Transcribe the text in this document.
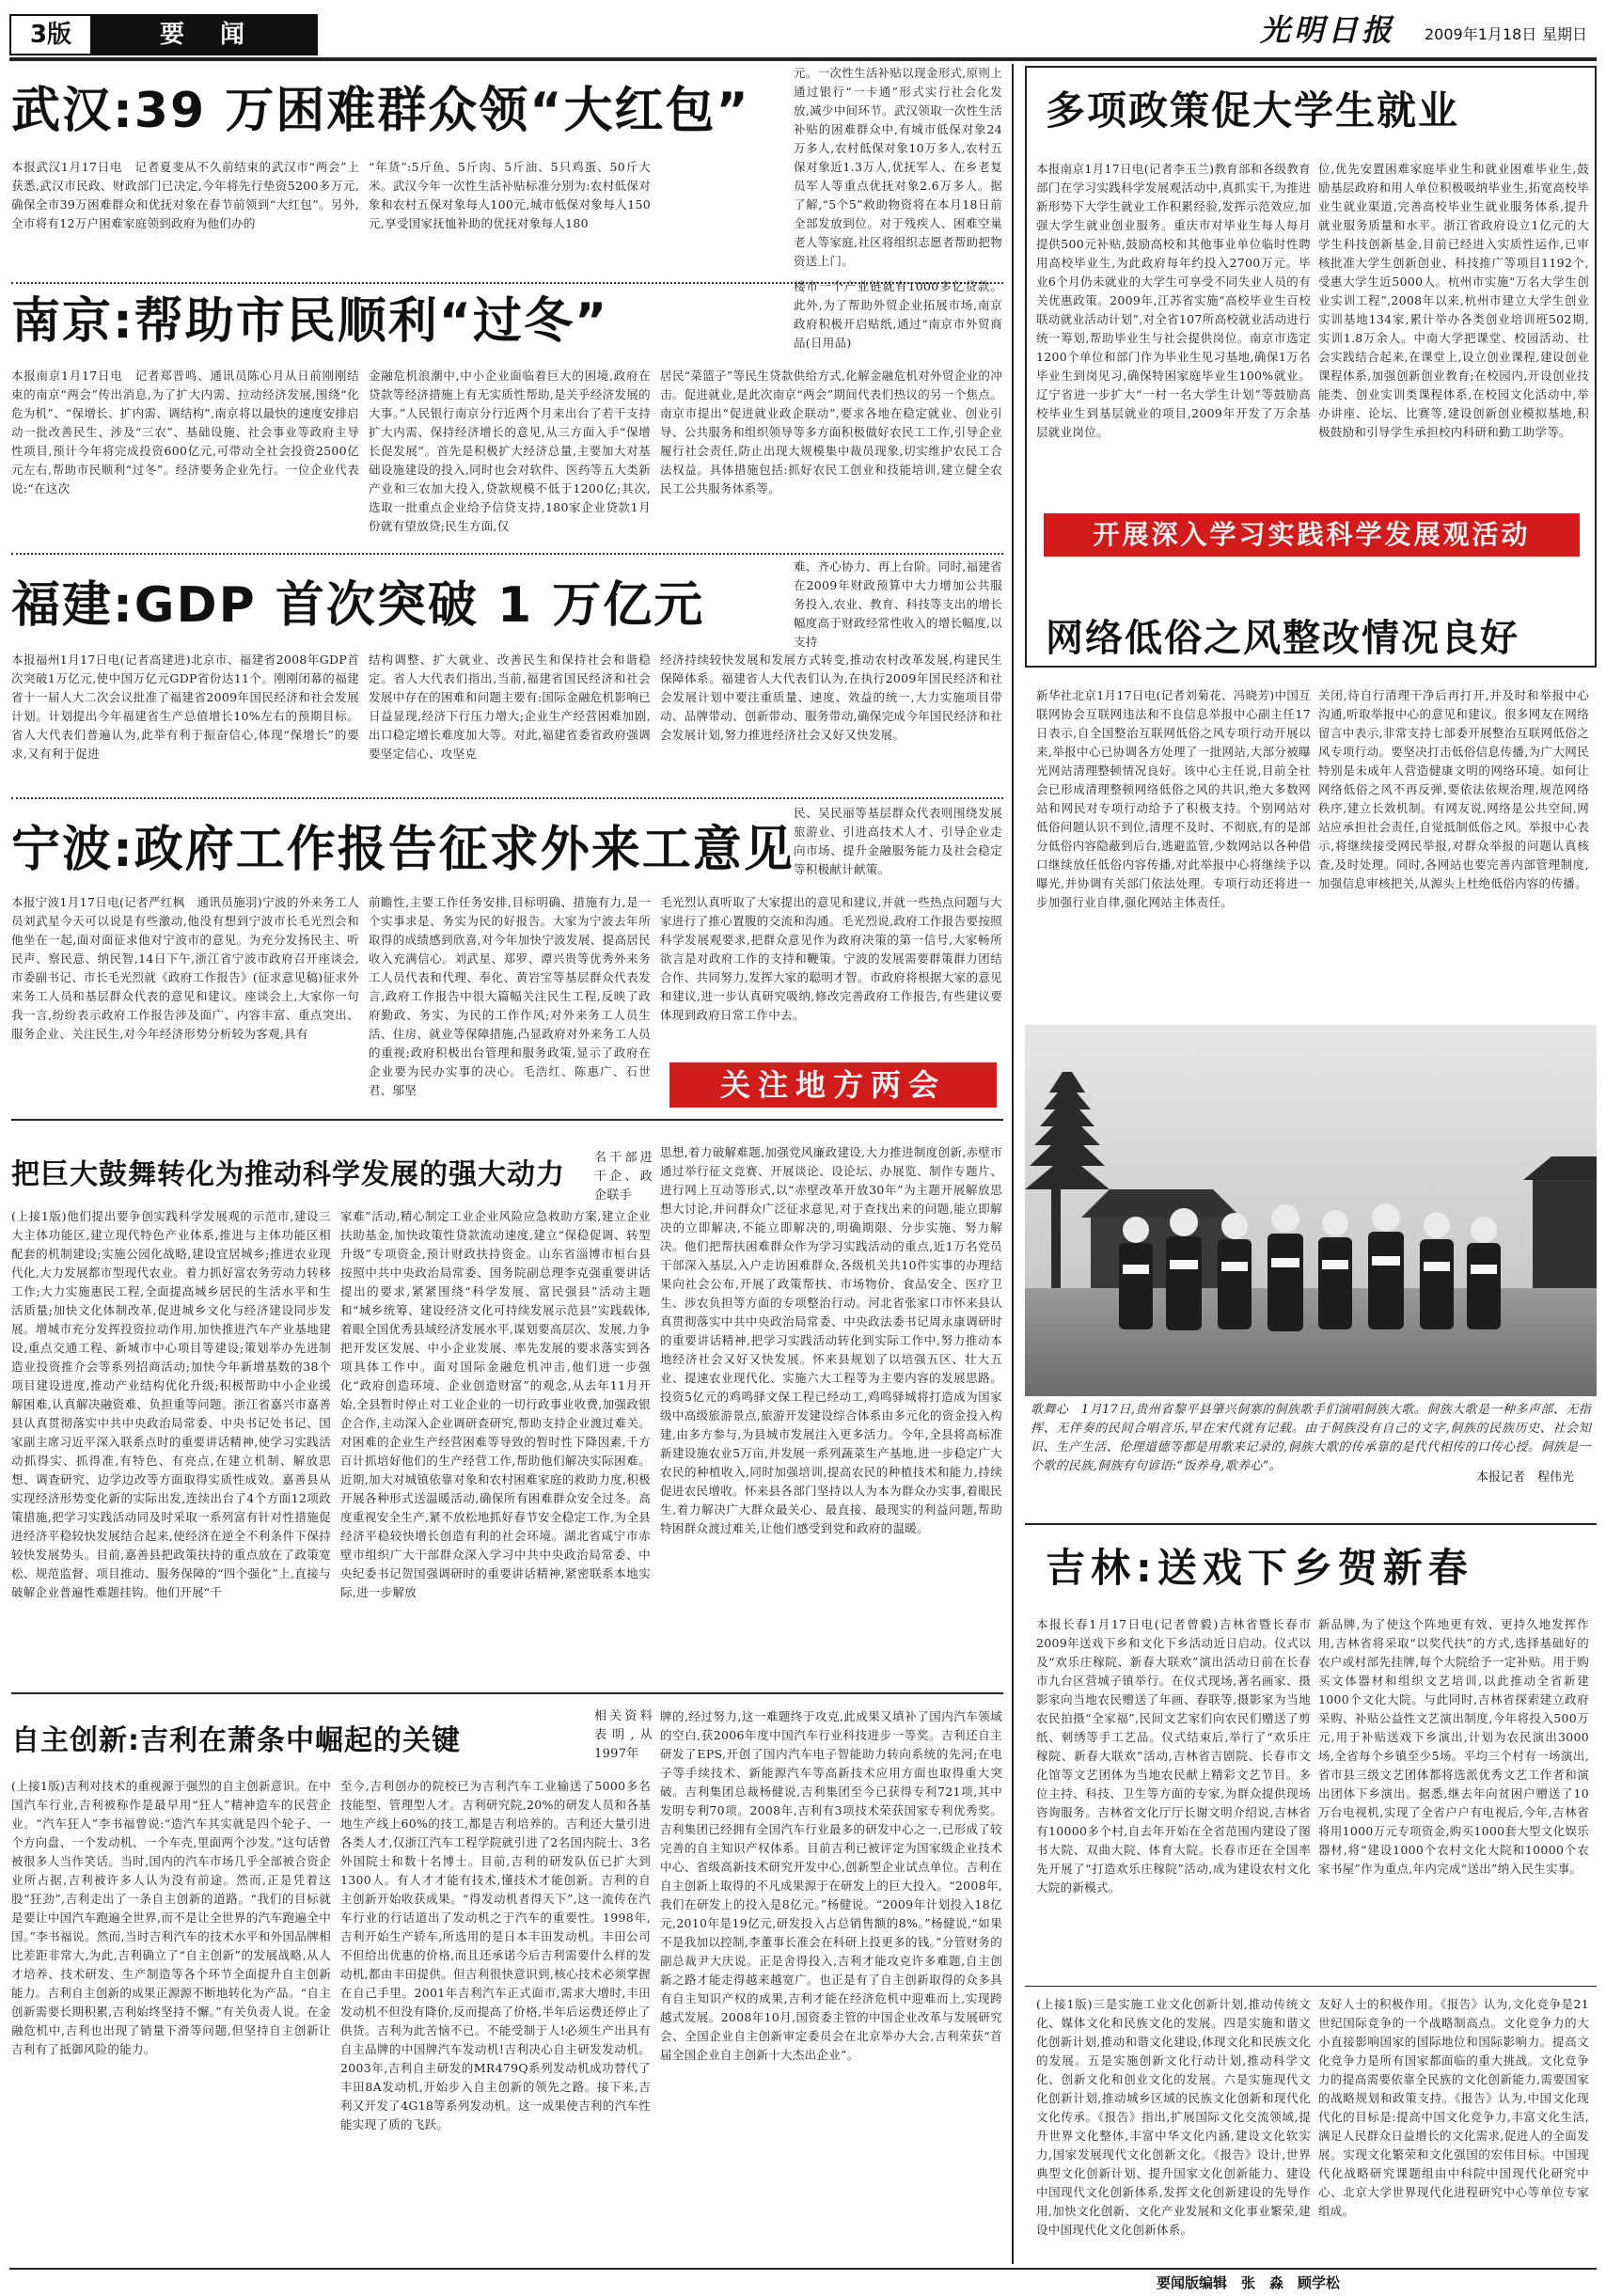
3版	要　闻	光明日报	2009年1月18日 星期日
武汉:39 万困难群众领“大红包”
本报武汉1月17日电　记者夏斐从不久前结束的武汉市“两会”上获悉,武汉市民政、财政部门已决定,今年将先行垫资5200多万元,确保全市39万困难群众和优抚对象在春节前领到“大红包”。另外,全市将有12万户困难家庭领到政府为他们办的
“年货”:5斤鱼、5斤肉、5斤油、5只鸡蛋、50斤大米。武汉今年一次性生活补贴标准分别为:农村低保对象和农村五保对象每人100元,城市低保对象每人150元,享受国家抚恤补助的优抚对象每人180
元。一次性生活补贴以现金形式,原则上通过银行“一卡通”形式实行社会化发放,减少中间环节。武汉领取一次性生活补贴的困难群众中,有城市低保对象24万多人,农村低保对象10万多人,农村五保对象近1.3万人,优抚军人、在乡老复员军人等重点优抚对象2.6万多人。据了解,“5个5”救助物资将在本月18日前全部发放到位。对于残疾人、困难空巢老人等家庭,社区将组织志愿者帮助把物资送上门。
南京:帮助市民顺利“过冬”
本报南京1月17日电　记者郑晋鸣、通讯员陈心月从日前刚刚结束的南京“两会”传出消息,为了扩大内需、拉动经济发展,围绕“化危为机”、“保增长、扩内需、调结构”,南京将以最快的速度安排启动一批改善民生、涉及“三农”、基础设施、社会事业等政府主导性项目,预计今年将完成投资600亿元,可带动全社会投资2500亿元左右,帮助市民顺利“过冬”。经济要务企业先行。一位企业代表说:“在这次
金融危机浪潮中,中小企业面临着巨大的困境,政府在贷款等经济措施上有无实质性帮助,是关乎经济发展的大事。”人民银行南京分行近两个月来出台了若干支持扩大内需、保持经济增长的意见,从三方面入手“保增长促发展”。首先是积极扩大经济总量,主要加大对基础设施建设的投入,同时也会对软件、医药等五大类新产业和三农加大投入,贷款规模不低于1200亿;其次,选取一批重点企业给予信贷支持,180家企业贷款1月份就有望放贷;民生方面,仅
居民“菜篮子”等民生贷款供给方式,化解金融危机对外贸企业的冲击。促进就业,是此次南京“两会”期间代表们热议的另一个焦点。南京市提出“促进就业政企联动”,要求各地在稳定就业、创业引导、公共服务和组织领导等多方面积极做好农民工工作,引导企业履行社会责任,防止出现大规模集中裁员现象,切实维护农民工合法权益。具体措施包括:抓好农民工创业和技能培训,建立健全农民工公共服务体系等。
楼市一个产业链就有1000多亿贷款。此外,为了帮助外贸企业拓展市场,南京政府积极开启贴纸,通过“南京市外贸商品(日用品)
福建:GDP 首次突破 1 万亿元
本报福州1月17日电(记者高建进)北京市、福建省2008年GDP首次突破1万亿元,使中国万亿元GDP省份达11个。刚刚闭幕的福建省十一届人大二次会议批准了福建省2009年国民经济和社会发展计划。计划提出今年福建省生产总值增长10%左右的预期目标。省人大代表们普遍认为,此举有利于振奋信心,体现“保增长”的要求,又有利于促进
结构调整、扩大就业、改善民生和保持社会和谐稳定。省人大代表们指出,当前,福建省国民经济和社会发展中存在的困难和问题主要有:国际金融危机影响已日益显现,经济下行压力增大;企业生产经营困难加剧,出口稳定增长难度加大等。对此,福建省委省政府强调要坚定信心、攻坚克
经济持续较快发展和发展方式转变,推动农村改革发展,构建民生保障体系。福建省人大代表们认为,在执行2009年国民经济和社会发展计划中要注重质量、速度、效益的统一,大力实施项目带动、品牌带动、创新带动、服务带动,确保完成今年国民经济和社会发展计划,努力推进经济社会又好又快发展。
难、齐心协力、再上台阶。同时,福建省在2009年财政预算中大力增加公共服务投入,农业、教育、科技等支出的增长幅度高于财政经常性收入的增长幅度,以支持
宁波:政府工作报告征求外来工意见
本报宁波1月17日电(记者严红枫　通讯员施羽)宁波的外来务工人员刘武星今天可以说是有些激动,他没有想到宁波市长毛光烈会和他坐在一起,面对面征求他对宁波市的意见。为充分发扬民主、听民声、察民意、纳民智,14日下午,浙江省宁波市政府召开座谈会,市委副书记、市长毛光烈就《政府工作报告》(征求意见稿)征求外来务工人员和基层群众代表的意见和建议。座谈会上,大家你一句我一言,纷纷表示政府工作报告涉及面广、内容丰富、重点突出、服务企业、关注民生,对今年经济形势分析较为客观,具有
前瞻性,主要工作任务安排,目标明确、措施有力,是一个实事求是、务实为民的好报告。大家为宁波去年所取得的成绩感到欣喜,对今年加快宁波发展、提高居民收入充满信心。刘武星、郑罗、谭兴贵等优秀外来务工人员代表和代理、奉化、黄岩宝等基层群众代表发言,政府工作报告中很大篇幅关注民生工程,反映了政府勤政、务实、为民的工作作风;对外来务工人员生活、住房、就业等保障措施,凸显政府对外来务工人员的重视;政府积极出台管理和服务政策,显示了政府在企业要为民办实事的决心。毛浩红、陈惠广、石世君、邬坚
毛光烈认真听取了大家提出的意见和建议,并就一些热点问题与大家进行了推心置腹的交流和沟通。毛光烈说,政府工作报告要按照科学发展观要求,把群众意见作为政府决策的第一信号,大家畅所欲言是对政府工作的支持和鞭策。宁波的发展需要群策群力团结合作、共同努力,发挥大家的聪明才智。市政府将根据大家的意见和建议,进一步认真研究吸纳,修改完善政府工作报告,有些建议要体现到政府日常工作中去。
民、吴民丽等基层群众代表则围绕发展旅游业、引进高技术人才、引导企业走向市场、提升金融服务能力及社会稳定等积极献计献策。
关注地方两会
把巨大鼓舞转化为推动科学发展的强大动力
名干部进干企、政企联手
(上接1版)他们提出要争创实践科学发展观的示范市,建设三大主体功能区,建立现代特色产业体系,推进与主体功能区相配套的机制建设;实施公园化战略,建设宜居城乡;推进农业现代化,大力发展都市型现代农业。着力抓好富农务劳动力转移工作;大力实施惠民工程,全面提高城乡居民的生活水平和生活质量;加快文化体制改革,促进城乡文化与经济建设同步发展。增城市充分发挥投资拉动作用,加快推进汽车产业基地建设,重点交通工程、新城市中心项目等建设;策划举办先进制造业投资推介会等系列招商活动;加快今年新增基数的38个项目建设进度,推动产业结构优化升级;积极帮助中小企业缓解困难,认真解决融资难、负担重等问题。浙江省嘉兴市嘉善县认真贯彻落实中共中央政治局常委、中央书记处书记、国家副主席习近平深入联系点时的重要讲话精神,使学习实践活动抓得实、抓得准,有特色、有亮点,在建立机制、解放思想、调查研究、边学边改等方面取得实质性成效。嘉善县从实现经济形势变化新的实际出发,连续出台了4个方面12项政策措施,把学习实践活动同及时采取一系列富有针对性措施促进经济平稳较快发展结合起来,使经济在逆全不利条件下保持较快发展势头。目前,嘉善县把政策扶持的重点放在了政策宽松、规范监督、项目推动、服务保障的“四个强化”上,直接与破解企业普遍性难题挂钩。他们开展“千
家难”活动,精心制定工业企业风险应急救助方案,建立企业扶助基金,加快政策性贷款流动速度,建立“保稳促调、转型升级”专项资金,预计财政扶持资金。山东省淄博市桓台县按照中共中央政治局常委、国务院副总理李克强重要讲话提出的要求,紧紧围绕“科学发展、富民强县”活动主题和“城乡统筹、建设经济文化可持续发展示范县”实践载体,着眼全国优秀县域经济发展水平,谋划要高层次、发展,力争把开发区发展、中小企业发展、率先发展的要求落实到各项具体工作中。面对国际金融危机冲击,他们进一步强化“政府创造环境、企业创造财富”的观念,从去年11月开始,全县暂时停止对工业企业的一切行政事业收费,加强政银企合作,主动深入企业调研查研究,帮助支持企业渡过难关。对困难的企业生产经营困难等导致的暂时性下降因素,千方百计抓培好他们的生产经营工作,帮助他们解决实际困难。近期,加大对城镇依靠对象和农村困难家庭的救助力度,积极开展各种形式送温暖活动,确保所有困难群众安全过冬。高度重视安全生产,紧不放松地抓好春节安全稳定工作,为全县经济平稳较快增长创造有利的社会环境。湖北省咸宁市赤壁市组织广大干部群众深入学习中共中央政治局常委、中央纪委书记贺国强调研时的重要讲话精神,紧密联系本地实际,进一步解放
思想,着力破解难题,加强党风廉政建设,大力推进制度创新,赤壁市通过举行征文竞赛、开展谈论、设论坛、办展览、制作专题片、进行网上互动等形式,以“赤壁改革开放30年”为主题开展解放思想大讨论,并问群众广泛征求意见,对于查找出来的问题,能立即解决的立即解决,不能立即解决的,明确期限、分步实施、努力解决。他们把帮扶困难群众作为学习实践活动的重点,近1万名党员干部深入基层,入户走访困难群众,各级机关共10件实事的办理结果向社会公布,开展了政策帮扶、市场物价、食品安全、医疗卫生、涉农负担等方面的专项整治行动。河北省张家口市怀来县认真贯彻落实中共中央政治局常委、中央政法委书记周永康调研时的重要讲话精神,把学习实践活动转化到实际工作中,努力推动本地经济社会又好又快发展。怀来县规划了以培强五区、壮大五业、提速农业现代化、实施六大工程等为主要内容的发展思路。投资5亿元的鸡鸣驿文保工程已经动工,鸡鸣驿城将打造成为国家级中高级旅游景点,旅游开发建设综合体系由多元化的资金投入构建,由多方参与,为县城市发展注入更多活力。今年,全县将高标准新建设施农业5万亩,并发展一系列蔬菜生产基地,进一步稳定广大农民的种植收入,同时加强培训,提高农民的种植技术和能力,持续促进农民增收。怀来县各部门坚持以人为本为群众办实事,着眼民生,着力解决广大群众最关心、最直接、最现实的利益问题,帮助特困群众渡过难关,让他们感受到党和政府的温暖。
自主创新:吉利在萧条中崛起的关键
相关资料表明,从1997年
(上接1版)吉利对技术的重视源于强烈的自主创新意识。在中国汽车行业,吉利被称作是最早用“狂人”精神造车的民营企业。“汽车狂人”李书福曾说:“造汽车其实就是四个轮子、一个方向盘、一个发动机、一个车壳,里面两个沙发。”这句话曾被很多人当作笑话。当时,国内的汽车市场几乎全部被合资企业所占据,吉利被许多人认为没有前途。然而,正是凭着这股“狂劲”,吉利走出了一条自主创新的道路。“我们的目标就是要让中国汽车跑遍全世界,而不是让全世界的汽车跑遍全中国。”李书福说。然而,当时吉利汽车的技术水平和外国品牌相比差距非常大,为此,吉利确立了“自主创新”的发展战略,从人才培养、技术研发、生产制造等各个环节全面提升自主创新能力。吉利自主创新的成果正源源不断地转化为产品。“自主创新需要长期积累,吉利始终坚持不懈。”有关负责人说。在金融危机中,吉利也出现了销量下滑等问题,但坚持自主创新让吉利有了抵御风险的能力。
至今,吉利创办的院校已为吉利汽车工业输送了5000多名技能型、管理型人才。吉利研究院,20%的研发人员和各基地生产线上60%的技工,都是吉利培养的。吉利还大量引进各类人才,仅浙江汽车工程学院就引进了2名国内院士、3名外国院士和数十名博士。目前,吉利的研发队伍已扩大到1300人。有人才才能有技术,懂技术才能创新。吉利的自主创新开始收获成果。“得发动机者得天下”,这一流传在汽车行业的行话道出了发动机之于汽车的重要性。1998年,吉利开始生产轿车,所选用的是日本丰田发动机。丰田公司不但给出优惠的价格,而且还承诺今后吉利需要什么样的发动机,都由丰田提供。但吉利很快意识到,核心技术必须掌握在自己手里。2001年吉利汽车正式面市,需求大增时,丰田发动机不但没有降价,反而提高了价格,半年后运费还停止了供货。吉利为此苦恼不已。不能受制于人!必须生产出具有自主品牌的中国牌汽车发动机!吉利决心自主研发发动机。2003年,吉利自主研发的MR479Q系列发动机成功替代了丰田8A发动机,开始步入自主创新的领先之路。接下来,吉利又开发了4G18等系列发动机。这一成果使吉利的汽车性能实现了质的飞跃。
牌的,经过努力,这一难题终于攻克,此成果又填补了国内汽车领域的空白,获2006年度中国汽车行业科技进步一等奖。吉利还自主研发了EPS,开创了国内汽车电子智能助力转向系统的先河;在电子等手续技术、新能源汽车等高新技术应用方面也取得重大突破。吉利集团总裁杨健说,吉利集团至今已获得专利721项,其中发明专利70项。2008年,吉利有3项技术荣获国家专利优秀奖。吉利集团已经拥有全国汽车行业最多的研发中心之一,已形成了较完善的自主知识产权体系。目前吉利已被评定为国家级企业技术中心、省级高新技术研究开发中心,创新型企业试点单位。吉利在自主创新上取得的不凡成果源于在研发上的巨大投入。“2008年,我们在研发上的投入是8亿元。”杨健说。“2009年计划投入18亿元,2010年是19亿元,研发投入占总销售额的8%。”杨健说,“如果不是我加以控制,李董事长准会在科研上投更多的钱。”分管财务的副总裁尹大庆说。正是舍得投入,吉利才能攻克许多难题,自主创新之路才能走得越来越宽广。也正是有了自主创新取得的众多具有自主知识产权的成果,吉利才能在经济危机中迎难而上,实现跨越式发展。2008年10月,国资委主管的中国企业改革与发展研究会、全国企业自主创新审定委员会在北京举办大会,吉利荣获“首届全国企业自主创新十大杰出企业”。
多项政策促大学生就业
本报南京1月17日电(记者李玉兰)教育部和各级教育部门在学习实践科学发展观活动中,真抓实干,为推进新形势下大学生就业工作积累经验,发挥示范效应,加强大学生就业创业服务。重庆市对毕业生每人每月提供500元补贴,鼓励高校和其他事业单位临时性聘用高校毕业生,为此政府每年约投入2700万元。毕业6个月仍未就业的大学生可享受不同失业人员的有关优惠政策。2009年,江苏省实施“高校毕业生百校联动就业活动计划”,对全省107所高校就业活动进行统一筹划,帮助毕业生与社会提供岗位。南京市选定1200个单位和部门作为毕业生见习基地,确保1万名毕业生到岗见习,确保特困家庭毕业生100%就业。辽宁省进一步扩大“一村一名大学生计划”等鼓励高校毕业生到基层就业的项目,2009年开发了万余基层就业岗位。
位,优先安置困难家庭毕业生和就业困难毕业生,鼓励基层政府和用人单位积极吸纳毕业生,拓宽高校毕业生就业渠道,完善高校毕业生就业服务体系,提升就业服务质量和水平。浙江省政府设立1亿元的大学生科技创新基金,目前已经进入实质性运作,已审核批准大学生创新创业、科技推广等项目1192个,受惠大学生近5000人。杭州市实施“万名大学生创业实训工程”,2008年以来,杭州市建立大学生创业实训基地134家,累计举办各类创业培训班502期,实训1.8万余人。中南大学把课堂、校园活动、社会实践结合起来,在课堂上,设立创业课程,建设创业课程体系,加强创新创业教育;在校园内,开设创业技能类、创业实训类课程体系,在校园文化活动中,举办讲座、论坛、比赛等,建设创新创业模拟基地,积极鼓励和引导学生承担校内科研和勤工助学等。
开展深入学习实践科学发展观活动
网络低俗之风整改情况良好
新华社北京1月17日电(记者刘菊花、冯晓芳)中国互联网协会互联网违法和不良信息举报中心副主任17日表示,自全国整治互联网低俗之风专项行动开展以来,举报中心已协调各方处理了一批网站,大部分被曝光网站清理整顿情况良好。该中心主任说,目前全社会已形成清理整顿网络低俗之风的共识,绝大多数网站和网民对专项行动给予了积极支持。个别网站对低俗问题认识不到位,清理不及时、不彻底,有的是部分低俗内容隐蔽到后台,逃避监管,少数网站以各种借口继续放任低俗内容传播,对此举报中心将继续予以曝光,并协调有关部门依法处理。专项行动还将进一步加强行业自律,强化网站主体责任。
关闭,待自行清理干净后再打开,并及时和举报中心沟通,听取举报中心的意见和建议。很多网友在网络留言中表示,非常支持七部委开展整治互联网低俗之风专项行动。要坚决打击低俗信息传播,为广大网民特别是未成年人营造健康文明的网络环境。如何让网络低俗之风不再反弹,要依法依规治理,规范网络秩序,建立长效机制。有网友说,网络是公共空间,网站应承担社会责任,自觉抵制低俗之风。举报中心表示,将继续接受网民举报,对群众举报的问题认真核查,及时处理。同时,各网站也要完善内部管理制度,加强信息审核把关,从源头上杜绝低俗内容的传播。
歌舞心　1月17日,贵州省黎平县肇兴侗寨的侗族歌手们演唱侗族大歌。侗族大歌是一种多声部、无指挥、无伴奏的民间合唱音乐,早在宋代就有记载。由于侗族没有自己的文字,侗族的民族历史、社会知识、生产生活、伦理道德等都是用歌来记录的,侗族大歌的传承靠的是代代相传的口传心授。侗族是一个歌的民族,侗族有句谚语:“饭养身,歌养心”。
本报记者　程伟光
吉林:送戏下乡贺新春
本报长春1月17日电(记者曾毅)吉林省暨长春市2009年送戏下乡和文化下乡活动近日启动。仪式以及“欢乐庄稼院、新春大联欢”演出活动日前在长春市九台区营城子镇举行。在仪式现场,著名画家、摄影家向当地农民赠送了年画、春联等,摄影家为当地农民拍摄“全家福”,民间文艺家们向农民们赠送了剪纸、刺绣等手工艺品。仪式结束后,举行了“欢乐庄稼院、新春大联欢”活动,吉林省吉剧院、长春市文化馆等文艺团体为当地农民献上精彩文艺节目。多位主持、科技、卫生等方面的专家,为群众提供现场咨询服务。吉林省文化厅厅长谢文明介绍说,吉林省有10000多个村,自去年开始在全省范围内建设了图书大院、双曲大院、体育大院。长春市还在全国率先开展了“打造欢乐庄稼院”活动,成为建设农村文化大院的新模式。
新品牌,为了使这个阵地更有效、更持久地发挥作用,吉林省将采取“以奖代扶”的方式,选择基础好的农户或村部先挂牌,每个大院给予一定补贴。用于购买文体器材和组织文艺培训,以此推动全省新建1000个文化大院。与此同时,吉林省探索建立政府采购、补贴公益性文艺演出制度,今年将投入500万元,用于补贴送戏下乡演出,计划为农民演出3000场,全省每个乡镇至少5场。平均三个村有一场演出,省市县三级文艺团体都将选派优秀文艺工作者和演出团体下乡演出。据悉,继去年向贫困户赠送了10万台电视机,实现了全省户户有电视后,今年,吉林省将用1000万元专项资金,购买1000套大型文化娱乐器材,将“建设1000个农村文化大院和10000个农家书屋”作为重点,年内完成“送出”纳入民生实事。
(上接1版)三是实施工业文化创新计划,推动传统文化、媒体文化和民族文化的发展。四是实施和谐文化创新计划,推动和谐文化建设,体现文化和民族文化的发展。五是实施创新文化行动计划,推动科学文化、创新文化和创业文化的发展。六是实施现代文化创新计划,推动城乡区域的民族文化创新和现代化文化传承。《报告》指出,扩展国际文化交流领域,提升世界文化整体,丰富中华文化内涵,建设文化软实力,国家发展现代文化创新文化。《报告》设计,世界典型文化创新计划、提升国家文化创新能力、建设中国现代文化创新体系,发挥文化创新建设的先导作用,加快文化创新、文化产业发展和文化事业繁荣,建设中国现代化文化创新体系。
友好人士的积极作用。《报告》认为,文化竞争是21世纪国际竞争的一个战略制高点。文化竞争力的大小直接影响国家的国际地位和国际影响力。提高文化竞争力是所有国家都面临的重大挑战。文化竞争力的提高需要依靠全民族的文化创新能力,需要国家的战略规划和政策支持。《报告》认为,中国文化现代化的目标是:提高中国文化竞争力,丰富文化生活,满足人民群众日益增长的文化需求,促进人的全面发展。实现文化繁荣和文化强国的宏伟目标。中国现代化战略研究课题组由中科院中国现代化研究中心、北京大学世界现代化进程研究中心等单位专家组成。
要闻版编辑　张　淼　顾学松
